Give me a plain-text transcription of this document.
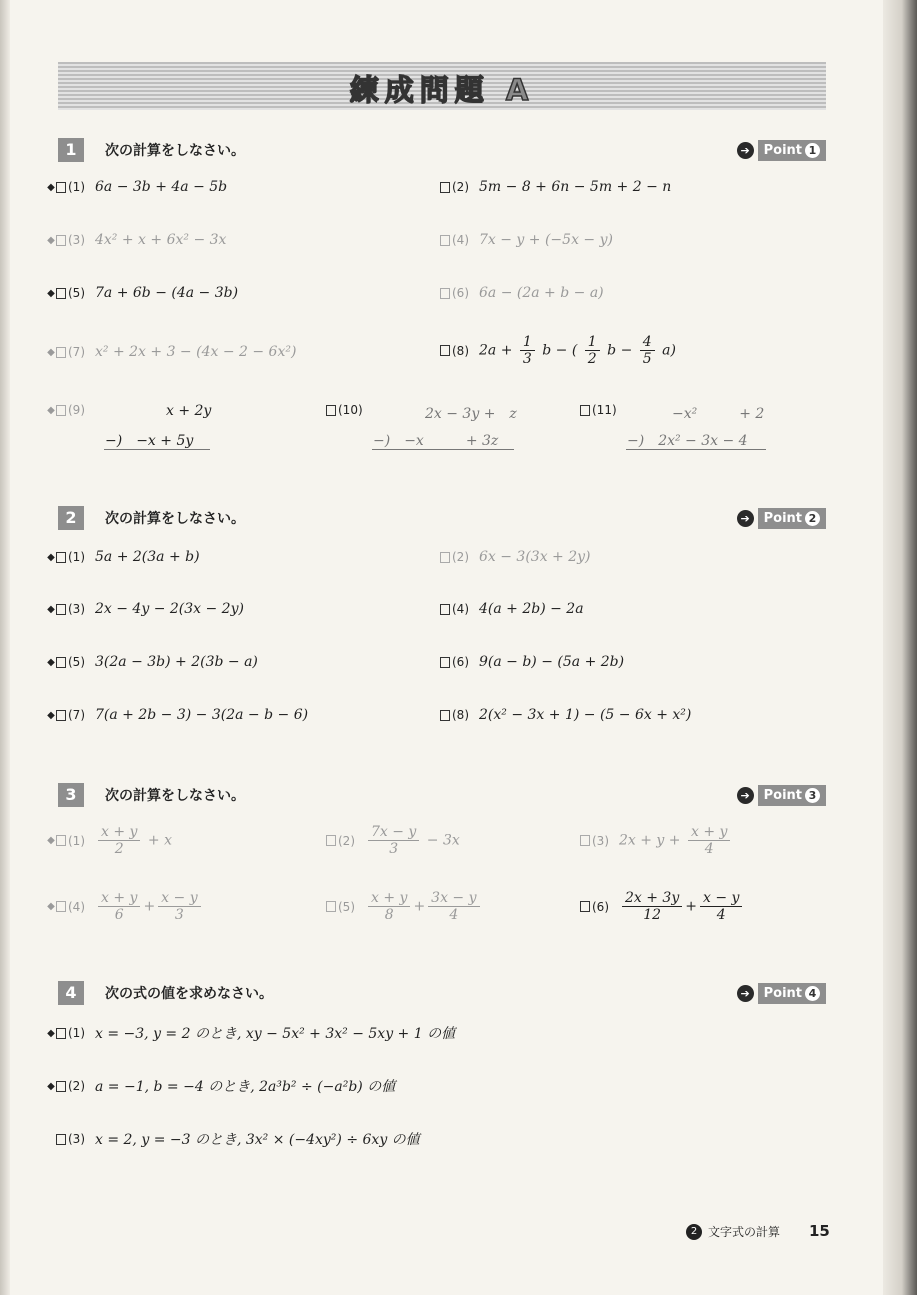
練成問題 A
1	次の計算をしなさい。	➔ Point 1
◆ (1) 6a − 3b + 4a − 5b	(2) 5m − 8 + 6n − 5m + 2 − n
◆ (3) 4x² + x + 6x² − 3x	(4) 7x − y + (−5x − y)
◆ (5) 7a + 6b − (4a − 3b)	(6) 6a − (2a + b − a)
◆ (7) x² + 2x + 3 − (4x − 2 − 6x²)	(8) $2a + \frac{1}{3}$ b − ( $\frac{1}{2}$ $b - \frac{4}{5} a$)
◆ (9)	x + 2y
−)　−x + 5y
(10)	2x − 3y +　z
−)　−x　　　+ 3z
(11)	−x²　　　+ 2
−)　2x² − 3x − 4
2	次の計算をしなさい。	➔ Point 2
◆ (1) 5a + 2(3a + b)	(2) 6x − 3(3x + 2y)
◆ (3) 2x − 4y − 2(3x − 2y)	(4) 4(a + 2b) − 2a
◆ (5) 3(2a − 3b) + 2(3b − a)	(6) 9(a − b) − (5a + 2b)
◆ (7) 7(a + 2b − 3) − 3(2a − b − 6)	(8) 2(x² − 3x + 1) − (5 − 6x + x²)
3	次の計算をしなさい。	➔ Point 3
◆ $(1) \frac{x + y}{2} + x$	$(2) \frac{7x - y}{3} - 3x$	(3) $2x + y + \frac{x + y}{4}$
◆ $(4) \frac{x + y}{6} + \frac{x - y}{3}$	$(5) \frac{x + y}{8} + \frac{3x - y}{4}$	$(6) \frac{2x + 3y}{12} + \frac{x - y}{4}$
4	次の式の値を求めなさい。	➔ Point 4
◆ (1) x = −3, y = 2 のとき, xy − 5x² + 3x² − 5xy + 1 の値
◆ (2) a = −1, b = −4 のとき, 2a³b² ÷ (−a²b) の値
(3) x = 2, y = −3 のとき, 3x² × (−4xy²) ÷ 6xy の値
2 文字式の計算 15
